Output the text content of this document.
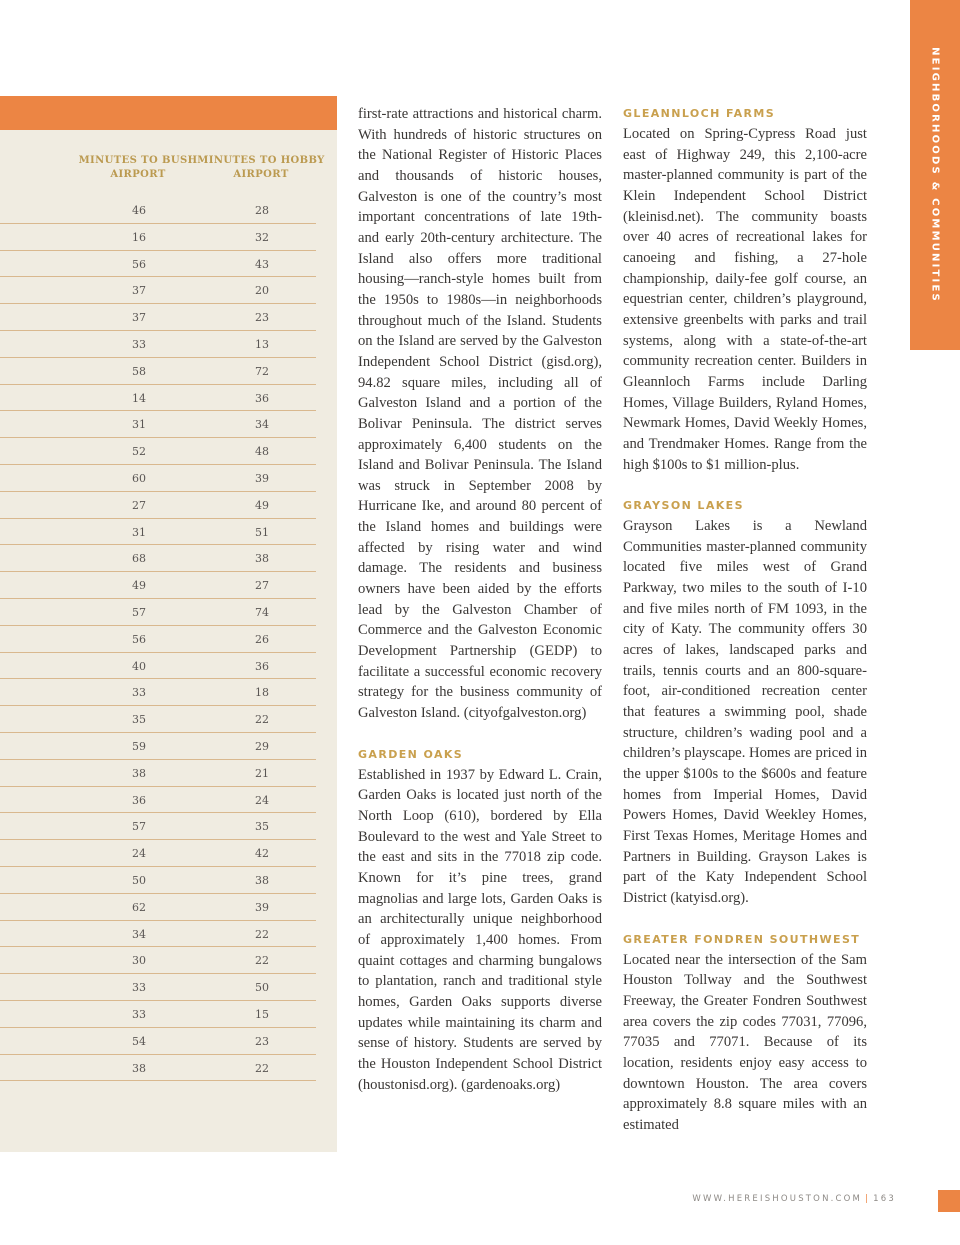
NEIGHBORHOODS & COMMUNITIES
MINUTES TO BUSH AIRPORT
MINUTES TO HOBBY AIRPORT
46	28
16	32
56	43
37	20
37	23
33	13
58	72
14	36
31	34
52	48
60	39
27	49
31	51
68	38
49	27
57	74
56	26
40	36
33	18
35	22
59	29
38	21
36	24
57	35
24	42
50	38
62	39
34	22
30	22
33	50
33	15
54	23
38	22

first-rate attractions and historical charm. With hundreds of historic structures on the National Register of Historic Places and thousands of historic houses, Galveston is one of the country’s most important concentrations of late 19th- and early 20th-century architecture. The Island also offers more traditional housing—ranch-style homes built from the 1950s to 1980s—in neighborhoods throughout much of the Island. Students on the Island are served by the Galveston Independent School District (gisd.org), 94.82 square miles, including all of Galveston Island and a portion of the Bolivar Peninsula. The district serves approximately 6,400 students on the Island and Bolivar Peninsula. The Island was struck in September 2008 by Hurricane Ike, and around 80 percent of the Island homes and buildings were affected by rising water and wind damage. The residents and business owners have been aided by the efforts lead by the Galveston Chamber of Commerce and the Galveston Economic Development Partnership (GEDP) to facilitate a successful economic recovery strategy for the business community of Galveston Island. (cityofgalveston.org)

GARDEN OAKS

Established in 1937 by Edward L. Crain, Garden Oaks is located just north of the North Loop (610), bordered by Ella Boulevard to the west and Yale Street to the east and sits in the 77018 zip code. Known for it’s pine trees, grand magnolias and large lots, Garden Oaks is an architecturally unique neighborhood of approximately 1,400 homes. From quaint cottages and charming bungalows to plantation, ranch and traditional style homes, Garden Oaks supports diverse updates while maintaining its charm and sense of history. Students are served by the Houston Independent School District (houstonisd.org). (gardenoaks.org)

GLEANNLOCH FARMS

Located on Spring-Cypress Road just east of Highway 249, this 2,100-acre master-planned community is part of the Klein Independent School District (kleinisd.net). The community boasts over 40 acres of recreational lakes for canoeing and fishing, a 27-hole championship, daily-fee golf course, an equestrian center, children’s playground, extensive greenbelts with parks and trail systems, along with a state-of-the-art community recreation center. Builders in Gleannloch Farms include Darling Homes, Village Builders, Ryland Homes, Newmark Homes, David Weekly Homes, and Trendmaker Homes. Range from the high $100s to $1 million-plus.

GRAYSON LAKES

Grayson Lakes is a Newland Communities master-planned community located five miles west of Grand Parkway, two miles to the south of I-10 and five miles north of FM 1093, in the city of Katy. The community offers 30 acres of lakes, landscaped parks and trails, tennis courts and an 800-square-foot, air-conditioned recreation center that features a swimming pool, shade structure, children’s wading pool and a children’s playscape. Homes are priced in the upper $100s to the $600s and feature homes from Imperial Homes, David Powers Homes, David Weekley Homes, First Texas Homes, Meritage Homes and Partners in Building. Grayson Lakes is part of the Katy Independent School District (katyisd.org).

GREATER FONDREN SOUTHWEST

Located near the intersection of the Sam Houston Tollway and the Southwest Freeway, the Greater Fondren Southwest area covers the zip codes 77031, 77096, 77035 and 77071. Because of its location, residents enjoy easy access to downtown Houston. The area covers approximately 8.8 square miles with an estimated

WWW.HEREISHOUSTON.COM | 163
